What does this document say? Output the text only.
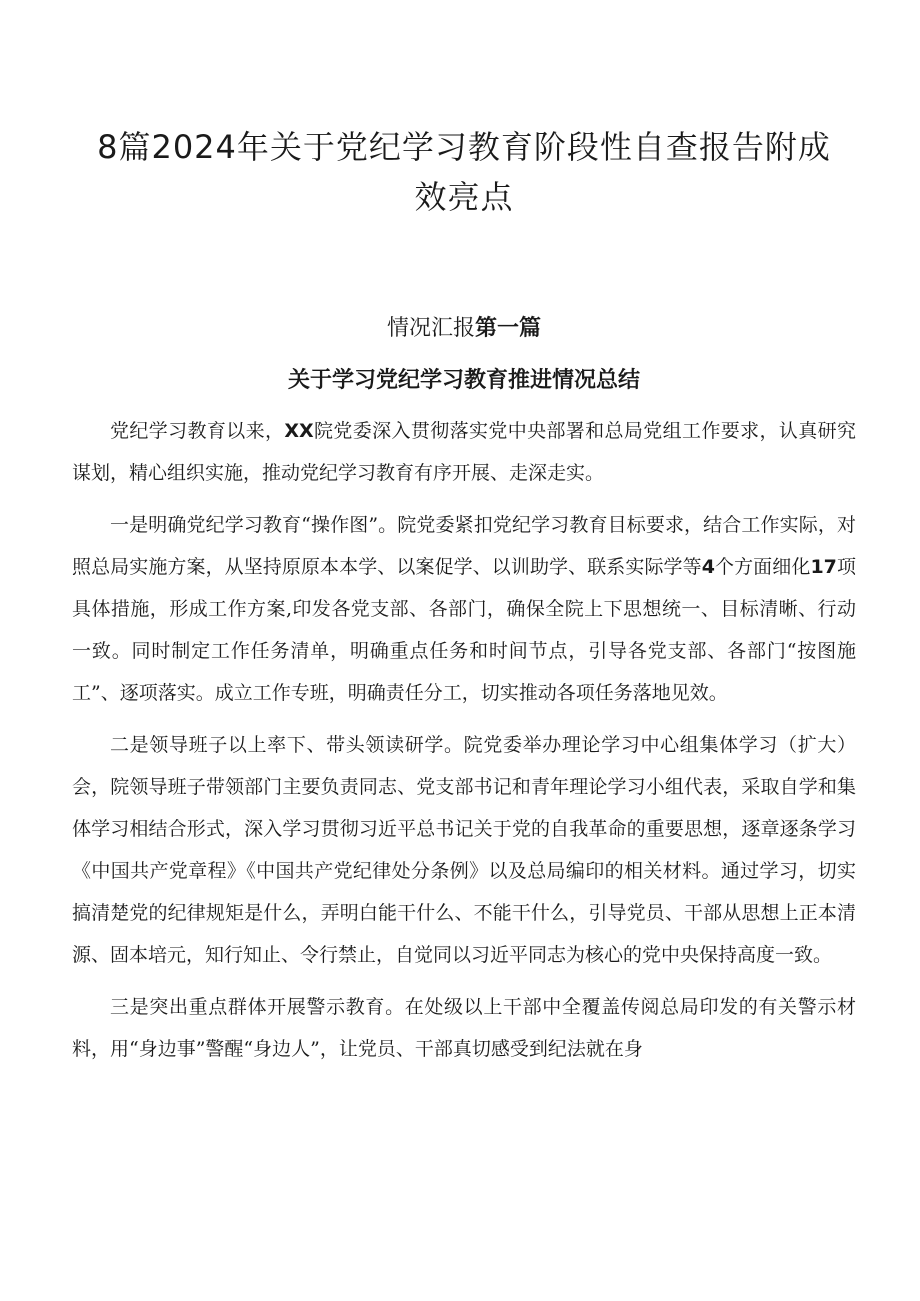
8篇2024年关于党纪学习教育阶段性自查报告附成
效亮点
情况汇报第一篇
关于学习党纪学习教育推进情况总结

党纪学习教育以来，XX院党委深入贯彻落实党中央部署和总局党组工作要求，认真研究谋划，精心组织实施，推动党纪学习教育有序开展、走深走实。

一是明确党纪学习教育“操作图”。院党委紧扣党纪学习教育目标要求，结合工作实际，对照总局实施方案，从坚持原原本本学、以案促学、以训助学、联系实际学等4个方面细化17项具体措施，形成工作方案,印发各党支部、各部门，确保全院上下思想统一、目标清晰、行动一致。同时制定工作任务清单，明确重点任务和时间节点，引导各党支部、各部门“按图施工”、逐项落实。成立工作专班，明确责任分工，切实推动各项任务落地见效。

二是领导班子以上率下、带头领读研学。院党委举办理论学习中心组集体学习（扩大）会，院领导班子带领部门主要负责同志、党支部书记和青年理论学习小组代表，采取自学和集体学习相结合形式，深入学习贯彻习近平总书记关于党的自我革命的重要思想，逐章逐条学习《中国共产党章程》《中国共产党纪律处分条例》以及总局编印的相关材料。通过学习，切实搞清楚党的纪律规矩是什么，弄明白能干什么、不能干什么，引导党员、干部从思想上正本清源、固本培元，知行知止、令行禁止，自觉同以习近平同志为核心的党中央保持高度一致。

三是突出重点群体开展警示教育。在处级以上干部中全覆盖传阅总局印发的有关警示材料，用“身边事”警醒“身边人”，让党员、干部真切感受到纪法就在身
